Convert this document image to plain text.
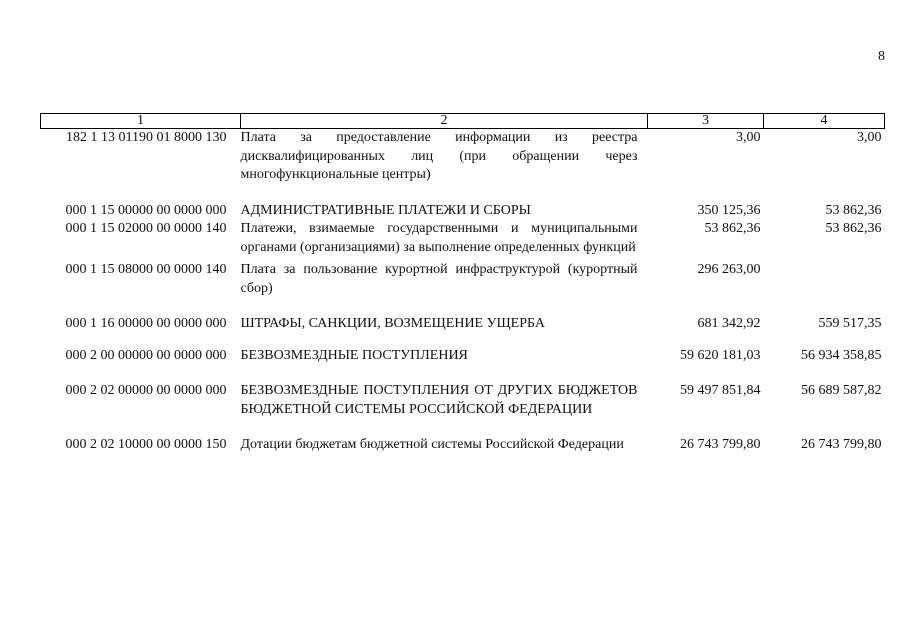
8
1	2	3	4
182 1 13 01190 01 8000 130	Плата за предоставление информации из реестра дисквалифицированных лиц (при обращении через многофункциональные центры)	3,00	3,00
000 1 15 00000 00 0000 000	АДМИНИСТРАТИВНЫЕ ПЛАТЕЖИ И СБОРЫ	350 125,36	53 862,36
000 1 15 02000 00 0000 140	Платежи, взимаемые государственными и муниципальными органами (организациями) за выполнение определенных функций	53 862,36	53 862,36
000 1 15 08000 00 0000 140	Плата за пользование курортной инфраструктурой (курортный сбор)	296 263,00	
000 1 16 00000 00 0000 000	ШТРАФЫ, САНКЦИИ, ВОЗМЕЩЕНИЕ УЩЕРБА	681 342,92	559 517,35
000 2 00 00000 00 0000 000	БЕЗВОЗМЕЗДНЫЕ ПОСТУПЛЕНИЯ	59 620 181,03	56 934 358,85
000 2 02 00000 00 0000 000	БЕЗВОЗМЕЗДНЫЕ ПОСТУПЛЕНИЯ ОТ ДРУГИХ БЮДЖЕТОВ БЮДЖЕТНОЙ СИСТЕМЫ РОССИЙСКОЙ ФЕДЕРАЦИИ	59 497 851,84	56 689 587,82
000 2 02 10000 00 0000 150	Дотации бюджетам бюджетной системы Российской Федерации	26 743 799,80	26 743 799,80
